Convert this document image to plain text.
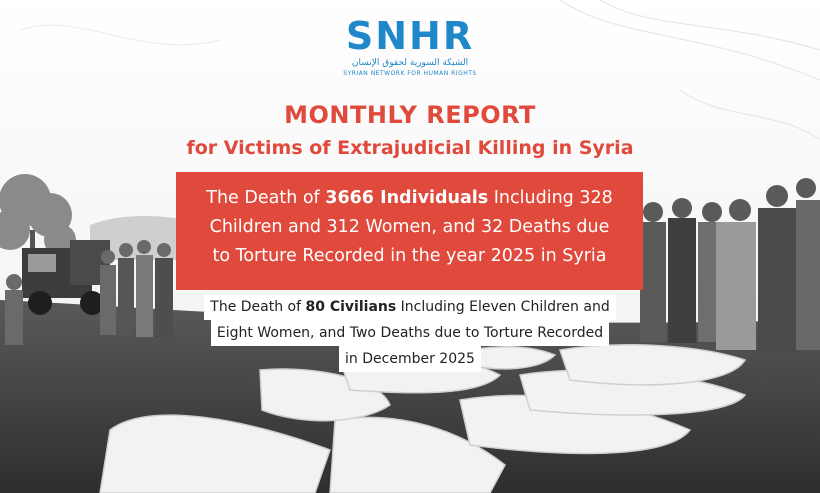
SNHR
الشبكة السورية لحقوق الإنسان
SYRIAN NETWORK FOR HUMAN RIGHTS
MONTHLY REPORT
for Victims of Extrajudicial Killing in Syria
The Death of 3666 Individuals Including 328
Children and 312 Women, and 32 Deaths due
to Torture Recorded in the year 2025 in Syria
The Death of 80 Civilians Including Eleven Children and
Eight Women, and Two Deaths due to Torture Recorded
in December 2025
